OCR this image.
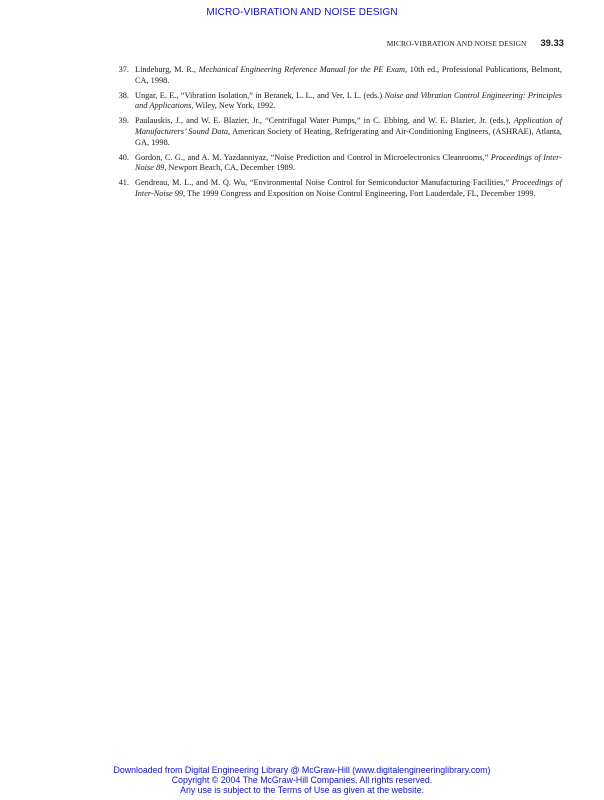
MICRO-VIBRATION AND NOISE DESIGN
MICRO-VIBRATION AND NOISE DESIGN 39.33
37. Lindeburg, M. R., Mechanical Engineering Reference Manual for the PE Exam, 10th ed., Professional Publications, Belmont, CA, 1998.
38. Ungar, E. E., “Vibration Isolation,” in Beranek, L. L., and Ver, I. L. (eds.) Noise and Vibration Control Engineering: Principles and Applications, Wiley, New York, 1992.
39. Paulauskis, J., and W. E. Blazier, Jr., “Centrifugal Water Pumps,” in C. Ebbing, and W. E. Blazier, Jr. (eds.), Application of Manufacturers’ Sound Data, American Society of Heating, Refrigerating and Air-Conditioning Engineers, (ASHRAE), Atlanta, GA, 1998.
40. Gordon, C. G., and A. M. Yazdanniyaz, “Noise Prediction and Control in Microelectronics Cleanrooms,” Proceedings of Inter-Noise 89, Newport Beach, CA, December 1989.
41. Gendreau, M. L., and M. Q. Wu, “Environmental Noise Control for Semiconductor Manufacturing Facilities,” Proceedings of Inter-Noise 99, The 1999 Congress and Exposition on Noise Control Engineering, Fort Lauderdale, FL, December 1999.
Downloaded from Digital Engineering Library @ McGraw-Hill (www.digitalengineeringlibrary.com)
Copyright © 2004 The McGraw-Hill Companies. All rights reserved.
Any use is subject to the Terms of Use as given at the website.
